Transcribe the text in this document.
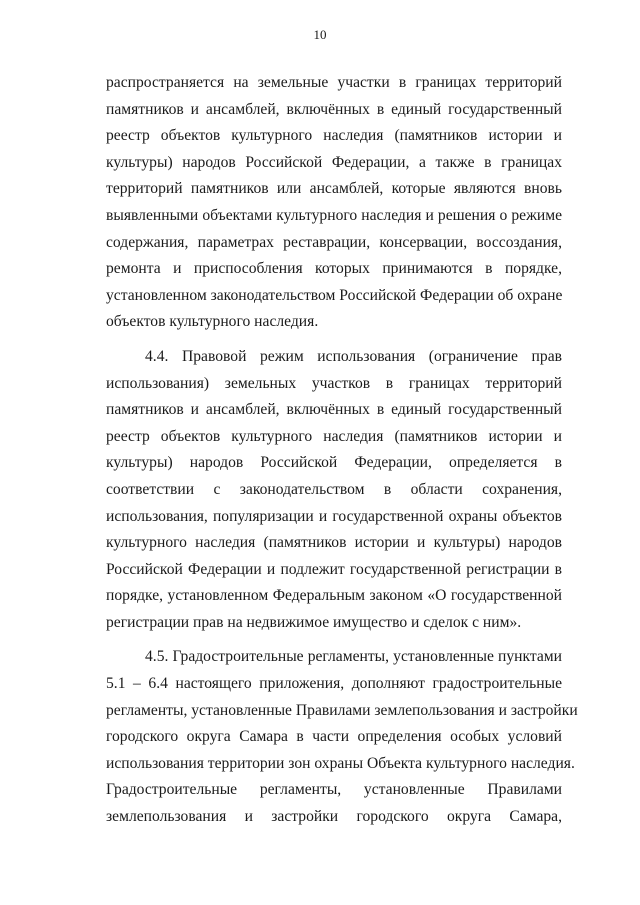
10
распространяется на земельные участки в границах территорий
памятников и ансамблей, включённых в единый государственный
реестр объектов культурного наследия (памятников истории и
культуры) народов Российской Федерации, а также в границах
территорий памятников или ансамблей, которые являются вновь
выявленными объектами культурного наследия и решения о режиме
содержания, параметрах реставрации, консервации, воссоздания,
ремонта и приспособления которых принимаются в порядке,
установленном законодательством Российской Федерации об охране
объектов культурного наследия.
4.4. Правовой режим использования (ограничение прав
использования) земельных участков в границах территорий
памятников и ансамблей, включённых в единый государственный
реестр объектов культурного наследия (памятников истории и
культуры) народов Российской Федерации, определяется в
соответствии с законодательством в области сохранения,
использования, популяризации и государственной охраны объектов
культурного наследия (памятников истории и культуры) народов
Российской Федерации и подлежит государственной регистрации в
порядке, установленном Федеральным законом «О государственной
регистрации прав на недвижимое имущество и сделок с ним».
4.5. Градостроительные регламенты, установленные пунктами
5.1 – 6.4 настоящего приложения, дополняют градостроительные
регламенты, установленные Правилами землепользования и застройки
городского округа Самара в части определения особых условий
использования территории зон охраны Объекта культурного наследия.
Градостроительные регламенты, установленные Правилами
землепользования и застройки городского округа Самара,
